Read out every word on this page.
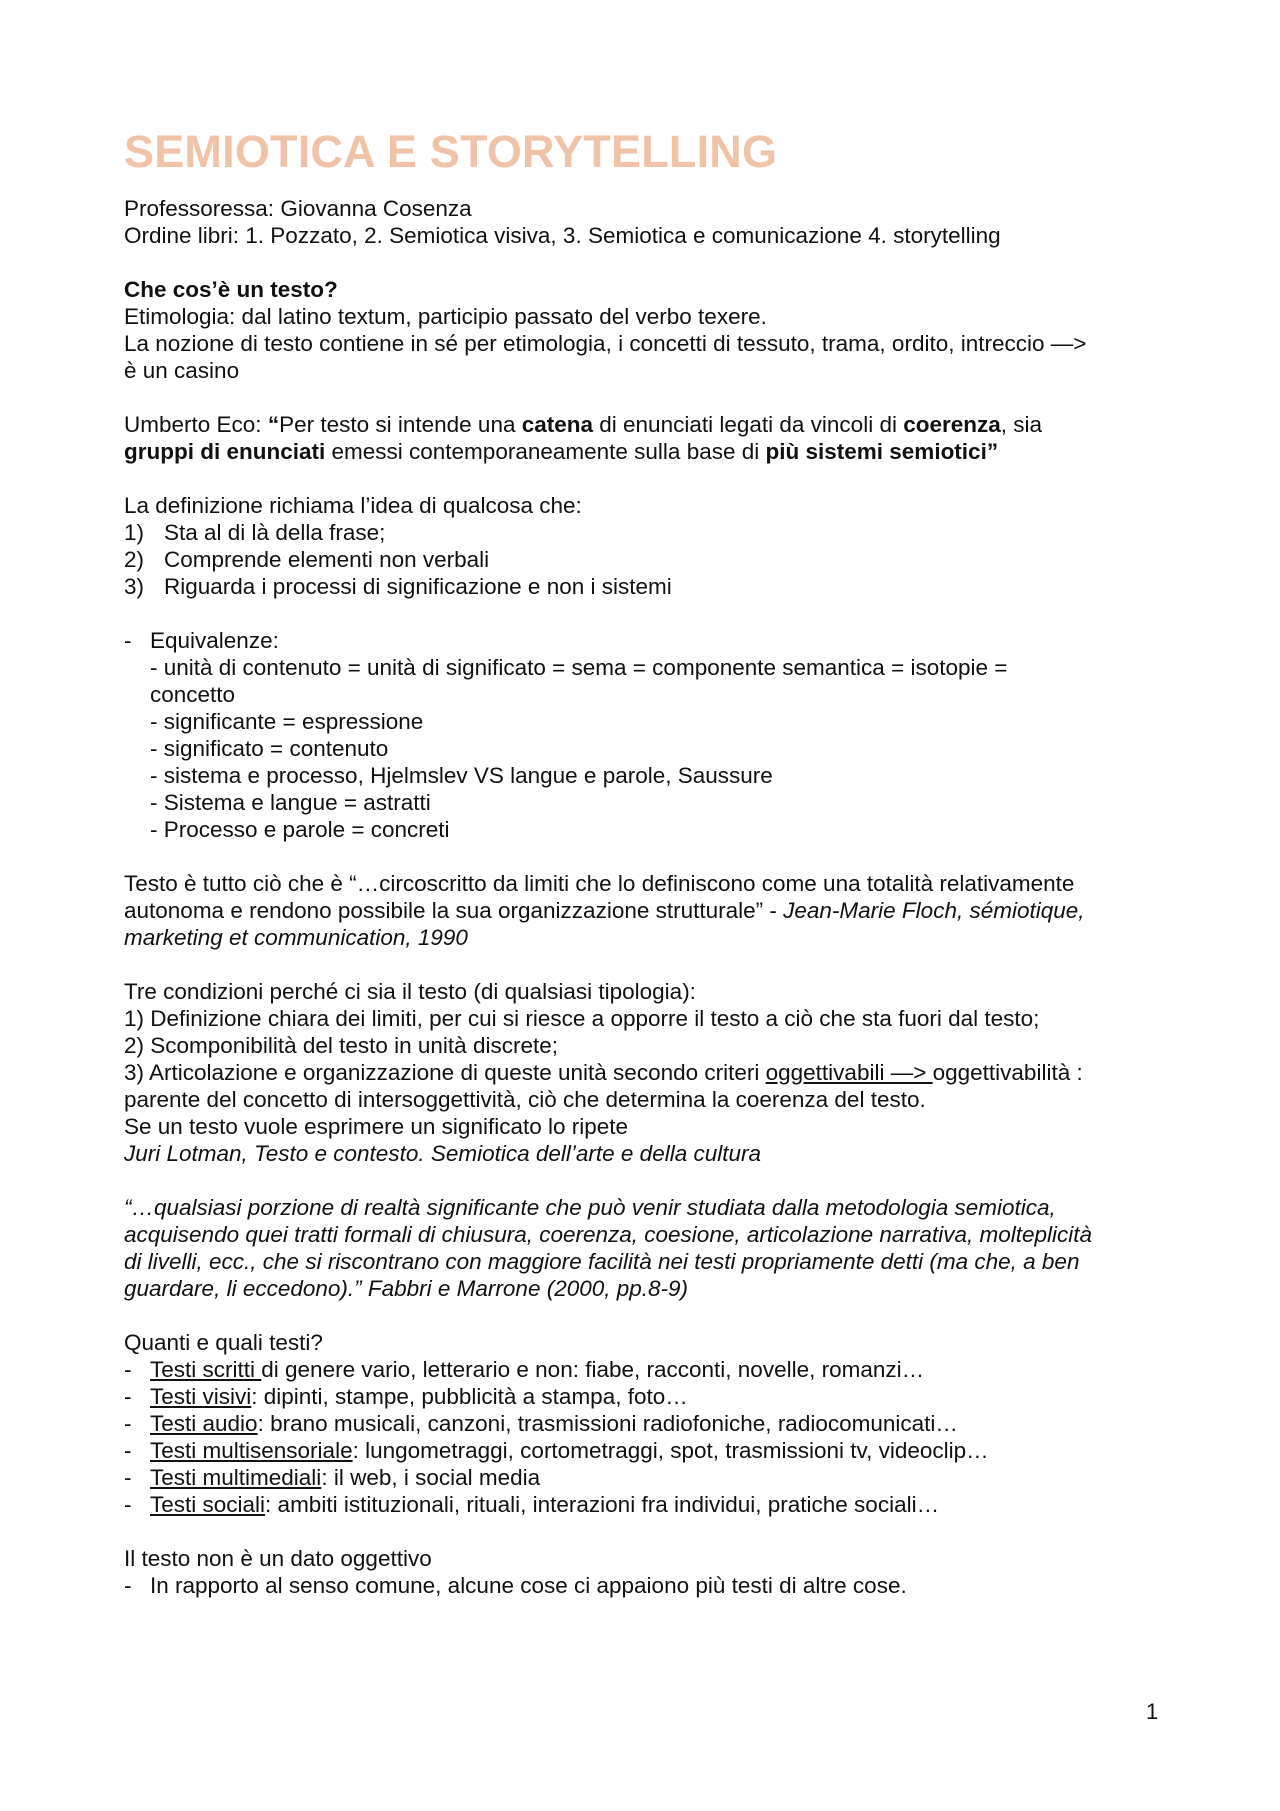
SEMIOTICA E STORYTELLING
Professoressa: Giovanna Cosenza
Ordine libri: 1. Pozzato, 2. Semiotica visiva, 3. Semiotica e comunicazione 4. storytelling
Che cos’è un testo?
Etimologia: dal latino textum, participio passato del verbo texere.
La nozione di testo contiene in sé per etimologia, i concetti di tessuto, trama, ordito, intreccio —>
è un casino
Umberto Eco: “Per testo si intende una catena di enunciati legati da vincoli di coerenza, sia
gruppi di enunciati emessi contemporaneamente sulla base di più sistemi semiotici”
La definizione richiama l’idea di qualcosa che:
1) Sta al di là della frase;
2) Comprende elementi non verbali
3) Riguarda i processi di significazione e non i sistemi
- Equivalenze:
- unità di contenuto = unità di significato = sema = componente semantica = isotopie =
concetto
- significante = espressione
- significato = contenuto
- sistema e processo, Hjelmslev VS langue e parole, Saussure
- Sistema e langue = astratti
- Processo e parole = concreti
Testo è tutto ciò che è “…circoscritto da limiti che lo definiscono come una totalità relativamente
autonoma e rendono possibile la sua organizzazione strutturale” - Jean-Marie Floch, sémiotique,
marketing et communication, 1990
Tre condizioni perché ci sia il testo (di qualsiasi tipologia):
1) Definizione chiara dei limiti, per cui si riesce a opporre il testo a ciò che sta fuori dal testo;
2) Scomponibilità del testo in unità discrete;
3) Articolazione e organizzazione di queste unità secondo criteri oggettivabili —> oggettivabilità :
parente del concetto di intersoggettività, ciò che determina la coerenza del testo.
Se un testo vuole esprimere un significato lo ripete
Juri Lotman, Testo e contesto. Semiotica dell’arte e della cultura
“…qualsiasi porzione di realtà significante che può venir studiata dalla metodologia semiotica,
acquisendo quei tratti formali di chiusura, coerenza, coesione, articolazione narrativa, molteplicità
di livelli, ecc., che si riscontrano con maggiore facilità nei testi propriamente detti (ma che, a ben
guardare, li eccedono).” Fabbri e Marrone (2000, pp.8-9)
Quanti e quali testi?
- Testi scritti di genere vario, letterario e non: fiabe, racconti, novelle, romanzi…
- Testi visivi: dipinti, stampe, pubblicità a stampa, foto…
- Testi audio: brano musicali, canzoni, trasmissioni radiofoniche, radiocomunicati…
- Testi multisensoriale: lungometraggi, cortometraggi, spot, trasmissioni tv, videoclip…
- Testi multimediali: il web, i social media
- Testi sociali: ambiti istituzionali, rituali, interazioni fra individui, pratiche sociali…
Il testo non è un dato oggettivo
- In rapporto al senso comune, alcune cose ci appaiono più testi di altre cose.
1
